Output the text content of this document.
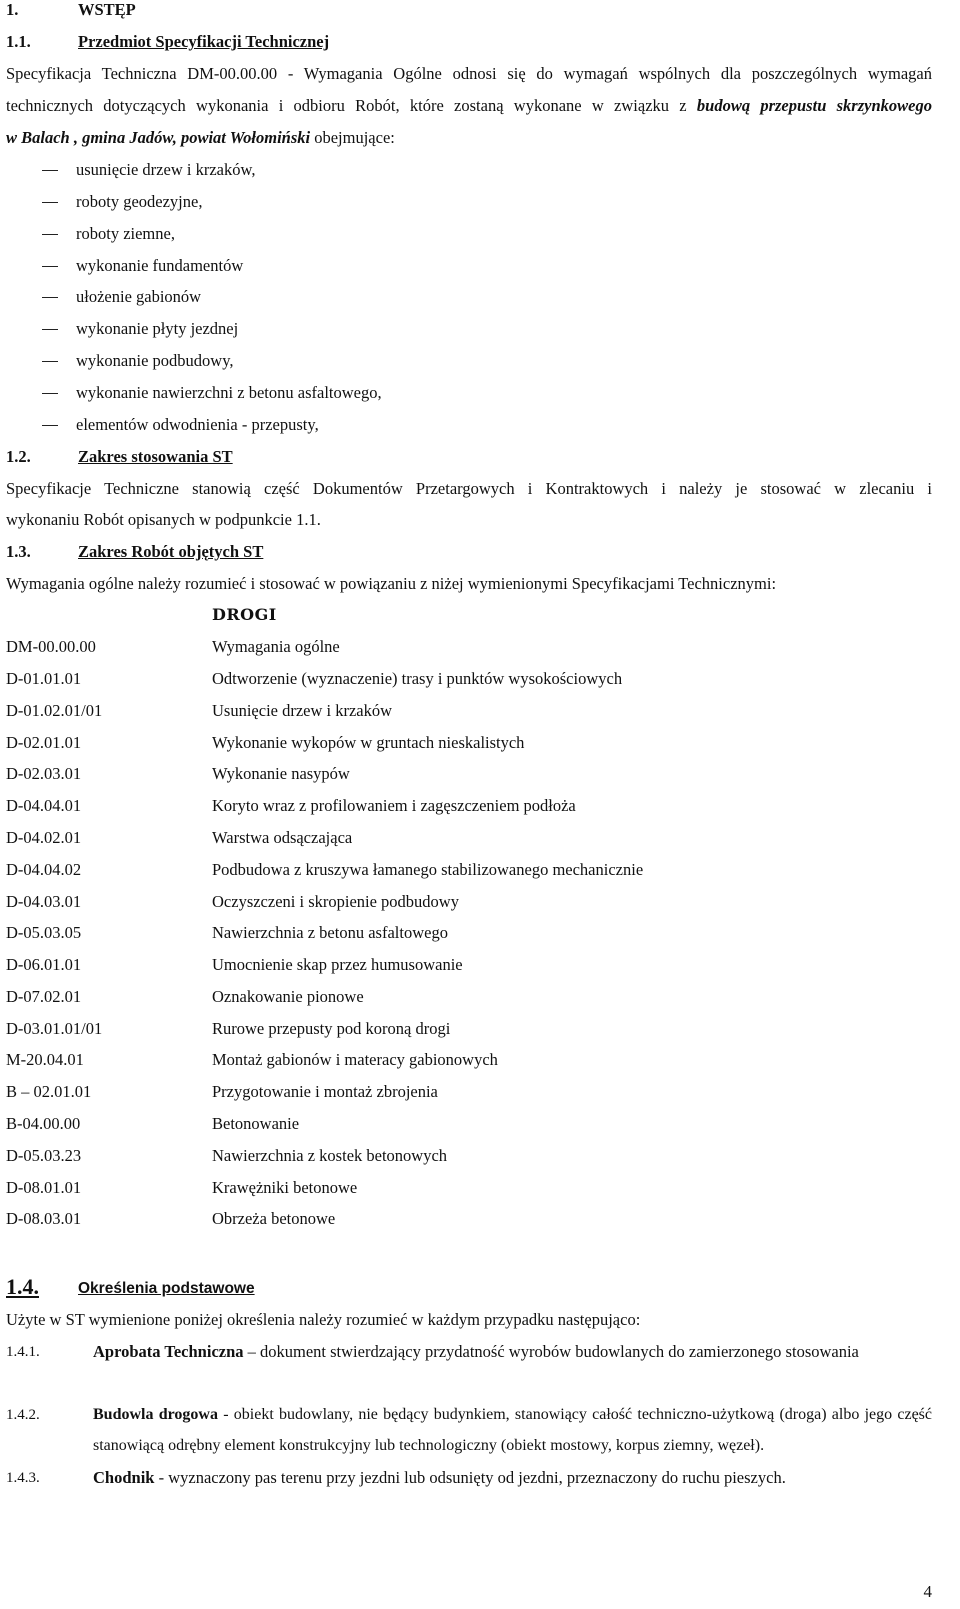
1.	WSTĘP
1.1.	Przedmiot Specyfikacji Technicznej
Specyfikacja Techniczna DM-00.00.00 - Wymagania Ogólne odnosi się do wymagań wspólnych dla poszczególnych wymagań
technicznych dotyczących wykonania i odbioru Robót, które zostaną wykonane w związku z budową przepustu skrzynkowego
w Balach , gmina Jadów, powiat Wołomiński obejmujące:
usunięcie drzew i krzaków,
roboty geodezyjne,
roboty ziemne,
wykonanie fundamentów
ułożenie gabionów
wykonanie płyty jezdnej
wykonanie podbudowy,
wykonanie nawierzchni z betonu asfaltowego,
elementów odwodnienia - przepusty,
1.2.	Zakres stosowania ST
Specyfikacje Techniczne stanowią część Dokumentów Przetargowych i Kontraktowych i należy je stosować w zlecaniu i
wykonaniu Robót opisanych w podpunkcie 1.1.
1.3.	Zakres Robót objętych ST
Wymagania ogólne należy rozumieć i stosować w powiązaniu z niżej wymienionymi Specyfikacjami Technicznymi:
DROGI
DM-00.00.00	Wymagania ogólne
D-01.01.01	Odtworzenie (wyznaczenie) trasy i punktów wysokościowych
D-01.02.01/01	Usunięcie drzew i krzaków
D-02.01.01	Wykonanie wykopów w gruntach nieskalistych
D-02.03.01	Wykonanie nasypów
D-04.04.01	Koryto wraz z profilowaniem i zagęszczeniem podłoża
D-04.02.01	Warstwa odsączająca
D-04.04.02	Podbudowa z kruszywa łamanego stabilizowanego mechanicznie
D-04.03.01	Oczyszczeni i skropienie podbudowy
D-05.03.05	Nawierzchnia z betonu asfaltowego
D-06.01.01	Umocnienie skap przez humusowanie
D-07.02.01	Oznakowanie pionowe
D-03.01.01/01	Rurowe przepusty pod koroną drogi
M-20.04.01	Montaż gabionów i materacy gabionowych
B – 02.01.01	Przygotowanie i montaż zbrojenia
B-04.00.00	Betonowanie
D-05.03.23	Nawierzchnia z kostek betonowych
D-08.01.01	Krawężniki betonowe
D-08.03.01	Obrzeża betonowe
1.4.	Określenia podstawowe
Użyte w ST wymienione poniżej określenia należy rozumieć w każdym przypadku następująco:
1.4.1.	Aprobata Techniczna – dokument stwierdzający przydatność wyrobów budowlanych do zamierzonego stosowania
1.4.2.	Budowla drogowa - obiekt budowlany, nie będący budynkiem, stanowiący całość techniczno-użytkową (droga) albo jego część stanowiącą odrębny element konstrukcyjny lub technologiczny (obiekt mostowy, korpus ziemny, węzeł).
1.4.3.	Chodnik - wyznaczony pas terenu przy jezdni lub odsunięty od jezdni, przeznaczony do ruchu pieszych.
4
